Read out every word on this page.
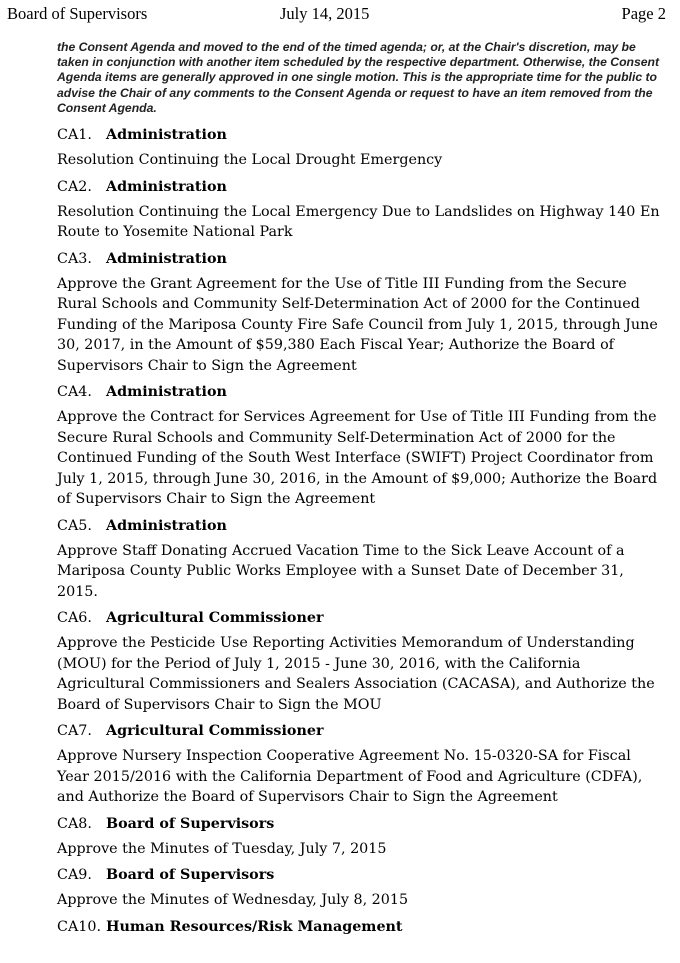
Board of Supervisors	July 14, 2015	Page 2
the Consent Agenda and moved to the end of the timed agenda; or, at the Chair's discretion, may be taken in conjunction with another item scheduled by the respective department. Otherwise, the Consent Agenda items are generally approved in one single motion. This is the appropriate time for the public to advise the Chair of any comments to the Consent Agenda or request to have an item removed from the Consent Agenda.

CA1. Administration

Resolution Continuing the Local Drought Emergency

CA2. Administration

Resolution Continuing the Local Emergency Due to Landslides on Highway 140 En Route to Yosemite National Park

CA3. Administration

Approve the Grant Agreement for the Use of Title III Funding from the Secure Rural Schools and Community Self-Determination Act of 2000 for the Continued Funding of the Mariposa County Fire Safe Council from July 1, 2015, through June 30, 2017, in the Amount of $59,380 Each Fiscal Year; Authorize the Board of Supervisors Chair to Sign the Agreement

CA4. Administration

Approve the Contract for Services Agreement for Use of Title III Funding from the Secure Rural Schools and Community Self-Determination Act of 2000 for the Continued Funding of the South West Interface (SWIFT) Project Coordinator from July 1, 2015, through June 30, 2016, in the Amount of $9,000; Authorize the Board of Supervisors Chair to Sign the Agreement

CA5. Administration

Approve Staff Donating Accrued Vacation Time to the Sick Leave Account of a Mariposa County Public Works Employee with a Sunset Date of December 31, 2015.

CA6. Agricultural Commissioner

Approve the Pesticide Use Reporting Activities Memorandum of Understanding (MOU) for the Period of July 1, 2015 - June 30, 2016, with the California Agricultural Commissioners and Sealers Association (CACASA), and Authorize the Board of Supervisors Chair to Sign the MOU

CA7. Agricultural Commissioner

Approve Nursery Inspection Cooperative Agreement No. 15-0320-SA for Fiscal Year 2015/2016 with the California Department of Food and Agriculture (CDFA), and Authorize the Board of Supervisors Chair to Sign the Agreement

CA8. Board of Supervisors

Approve the Minutes of Tuesday, July 7, 2015

CA9. Board of Supervisors

Approve the Minutes of Wednesday, July 8, 2015

CA10. Human Resources/Risk Management
